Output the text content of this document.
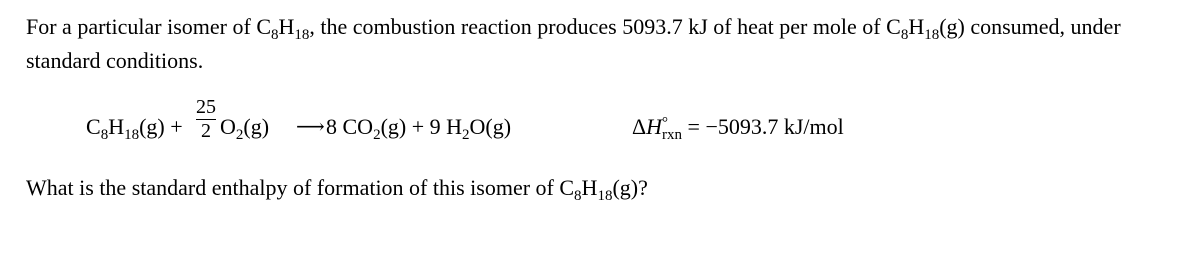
For a particular isomer of $C_8H_{18}$, the combustion reaction produces 5093.7 kJ of heat per mole of $C_8H_{18}(g)$ consumed, under
standard conditions.
$C_8H_{18}(g)$ +
25
2 $O_2(g)$ ⟶ 8 $CO_2(g) + 9$ $H_2O(g)$	$\Delta H^\circ_{rxn} = -5093.7$ kJ/mol
What is the standard enthalpy of formation of this isomer of $C_8H_{18}(g)$?
